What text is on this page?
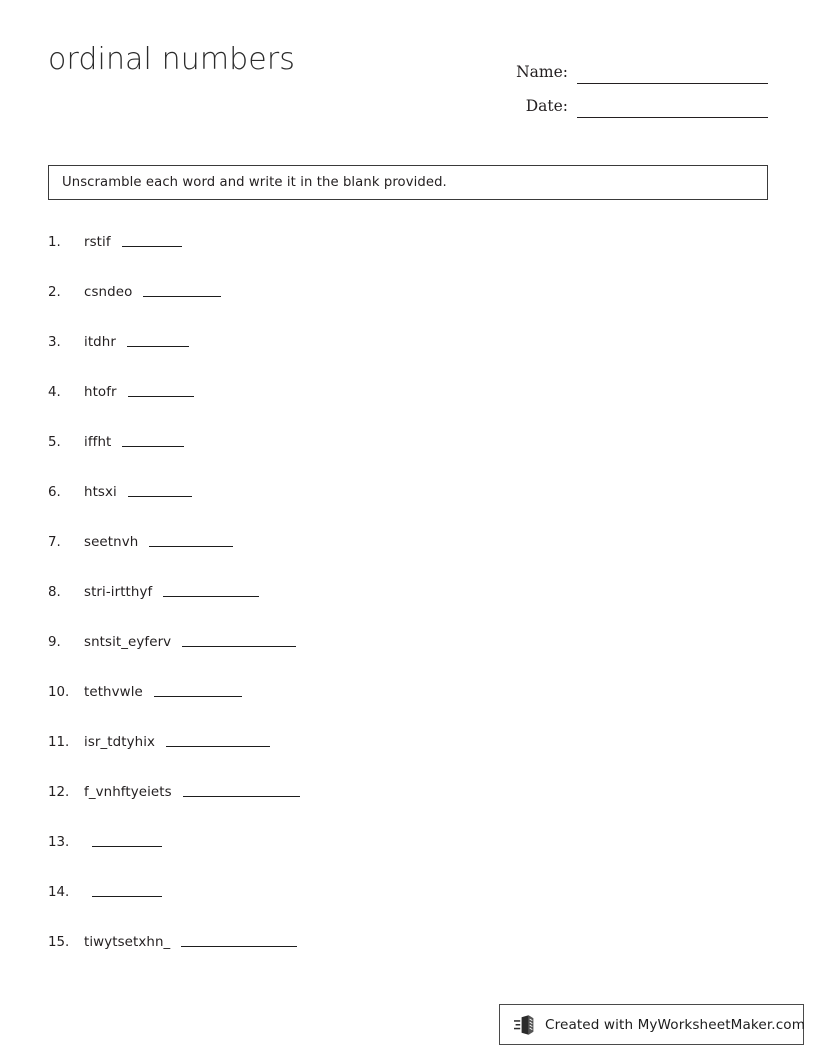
ordinal numbers	Name:
Date:
Unscramble each word and write it in the blank provided.
1.	rstif
2.	csndeo
3.	itdhr
4.	htofr
5.	iffht
6.	htsxi
7.	seetnvh
8.	stri-irtthyf
9.	sntsit_eyferv
10.	tethvwle
11.	isr_tdtyhix
12.	f_vnhftyeiets
13.
14.
15.	tiwytsetxhn_
Created with MyWorksheetMaker.com
